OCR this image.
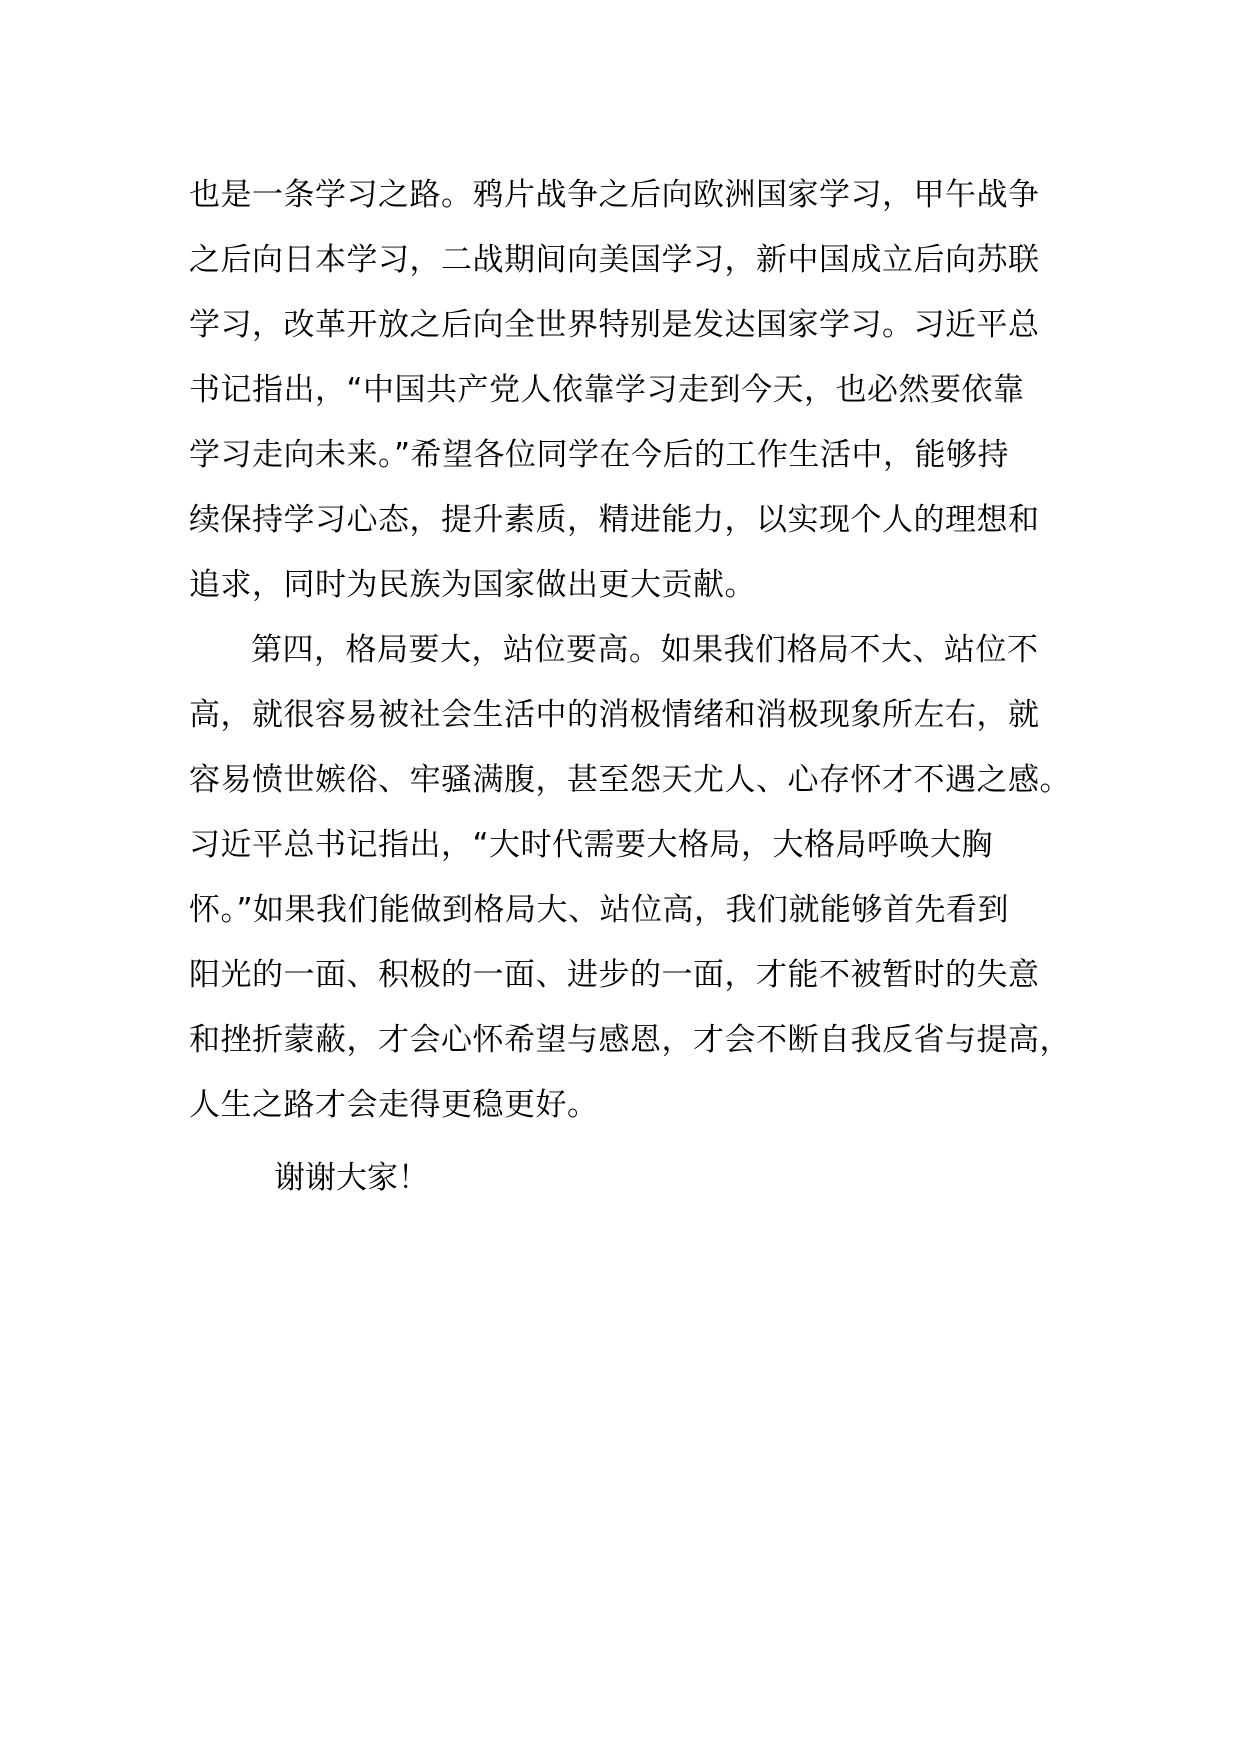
也是一条学习之路。鸦片战争之后向欧洲国家学习，甲午战争
之后向日本学习，二战期间向美国学习，新中国成立后向苏联
学习，改革开放之后向全世界特别是发达国家学习。习近平总
书记指出，“中国共产党人依靠学习走到今天，也必然要依靠
学习走向未来。”希望各位同学在今后的工作生活中，能够持
续保持学习心态，提升素质，精进能力，以实现个人的理想和
追求，同时为民族为国家做出更大贡献。
第四，格局要大，站位要高。如果我们格局不大、站位不
高，就很容易被社会生活中的消极情绪和消极现象所左右，就
容易愤世嫉俗、牢骚满腹，甚至怨天尤人、心存怀才不遇之感。
习近平总书记指出，“大时代需要大格局，大格局呼唤大胸
怀。”如果我们能做到格局大、站位高，我们就能够首先看到
阳光的一面、积极的一面、进步的一面，才能不被暂时的失意
和挫折蒙蔽，才会心怀希望与感恩，才会不断自我反省与提高，
人生之路才会走得更稳更好。
谢谢大家！
